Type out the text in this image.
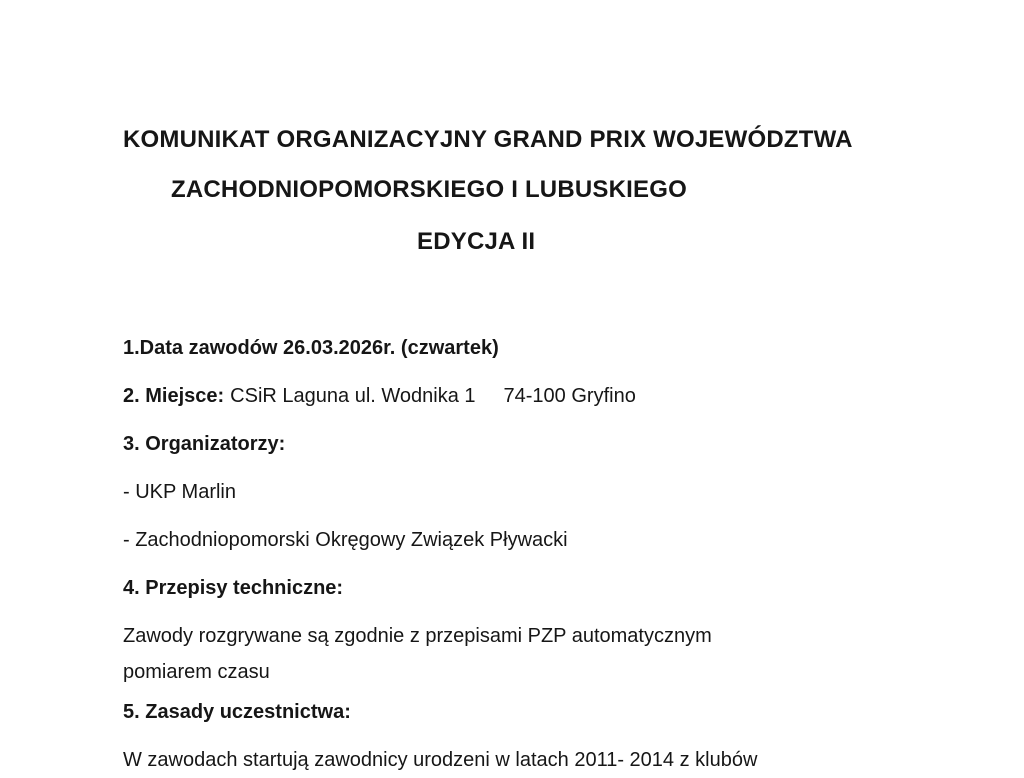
KOMUNIKAT ORGANIZACYJNY GRAND PRIX WOJEWÓDZTWA
ZACHODNIOPOMORSKIEGO I LUBUSKIEGO
EDYCJA II
1.Data zawodów 26.03.2026r. (czwartek)
2. Miejsce: CSiR Laguna ul. Wodnika 1 74-100 Gryfino
3. Organizatorzy:
- UKP Marlin
- Zachodniopomorski Okręgowy Związek Pływacki
4. Przepisy techniczne:
Zawody rozgrywane są zgodnie z przepisami PZP automatycznym
pomiarem czasu
5. Zasady uczestnictwa:
W zawodach startują zawodnicy urodzeni w latach 2011- 2014 z klubów
